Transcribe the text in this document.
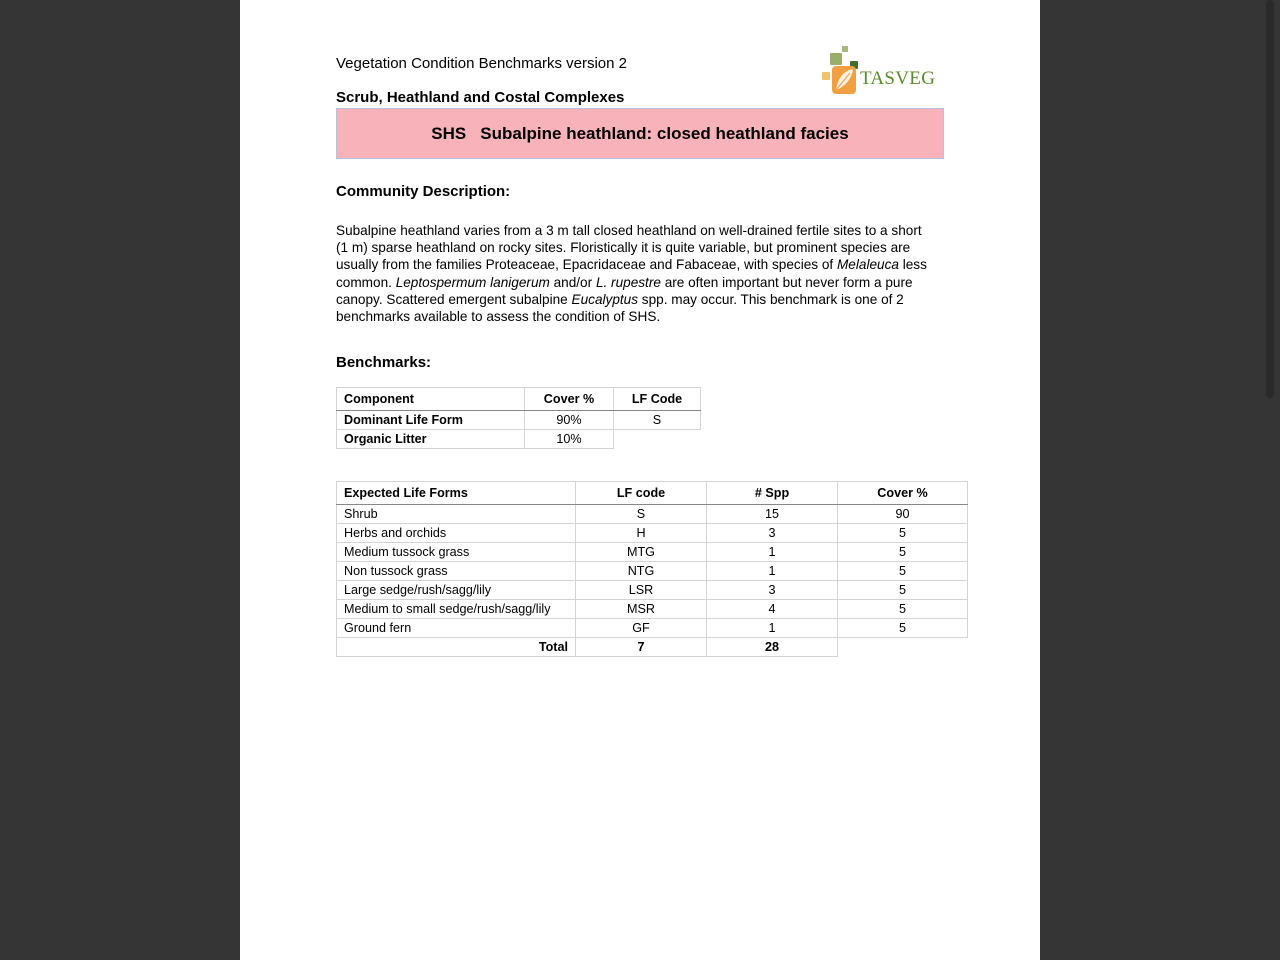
Vegetation Condition Benchmarks version 2
TASVEG
Scrub, Heathland and Costal Complexes
SHS Subalpine heathland: closed heathland facies
Community Description:
Subalpine heathland varies from a 3 m tall closed heathland on well-drained fertile sites to a short (1 m) sparse heathland on rocky sites. Floristically it is quite variable, but prominent species are usually from the families Proteaceae, Epacridaceae and Fabaceae, with species of Melaleuca less common. Leptospermum lanigerum and/or L. rupestre are often important but never form a pure canopy. Scattered emergent subalpine Eucalyptus spp. may occur. This benchmark is one of 2 benchmarks available to assess the condition of SHS.
Benchmarks:
Component	Cover %	LF Code
Dominant Life Form	90%	S
Organic Litter	10%	
Expected Life Forms	LF code	# Spp	Cover %
Shrub	S	15	90
Herbs and orchids	H	3	5
Medium tussock grass	MTG	1	5
Non tussock grass	NTG	1	5
Large sedge/rush/sagg/lily	LSR	3	5
Medium to small sedge/rush/sagg/lily	MSR	4	5
Ground fern	GF	1	5
Total	7	28	
